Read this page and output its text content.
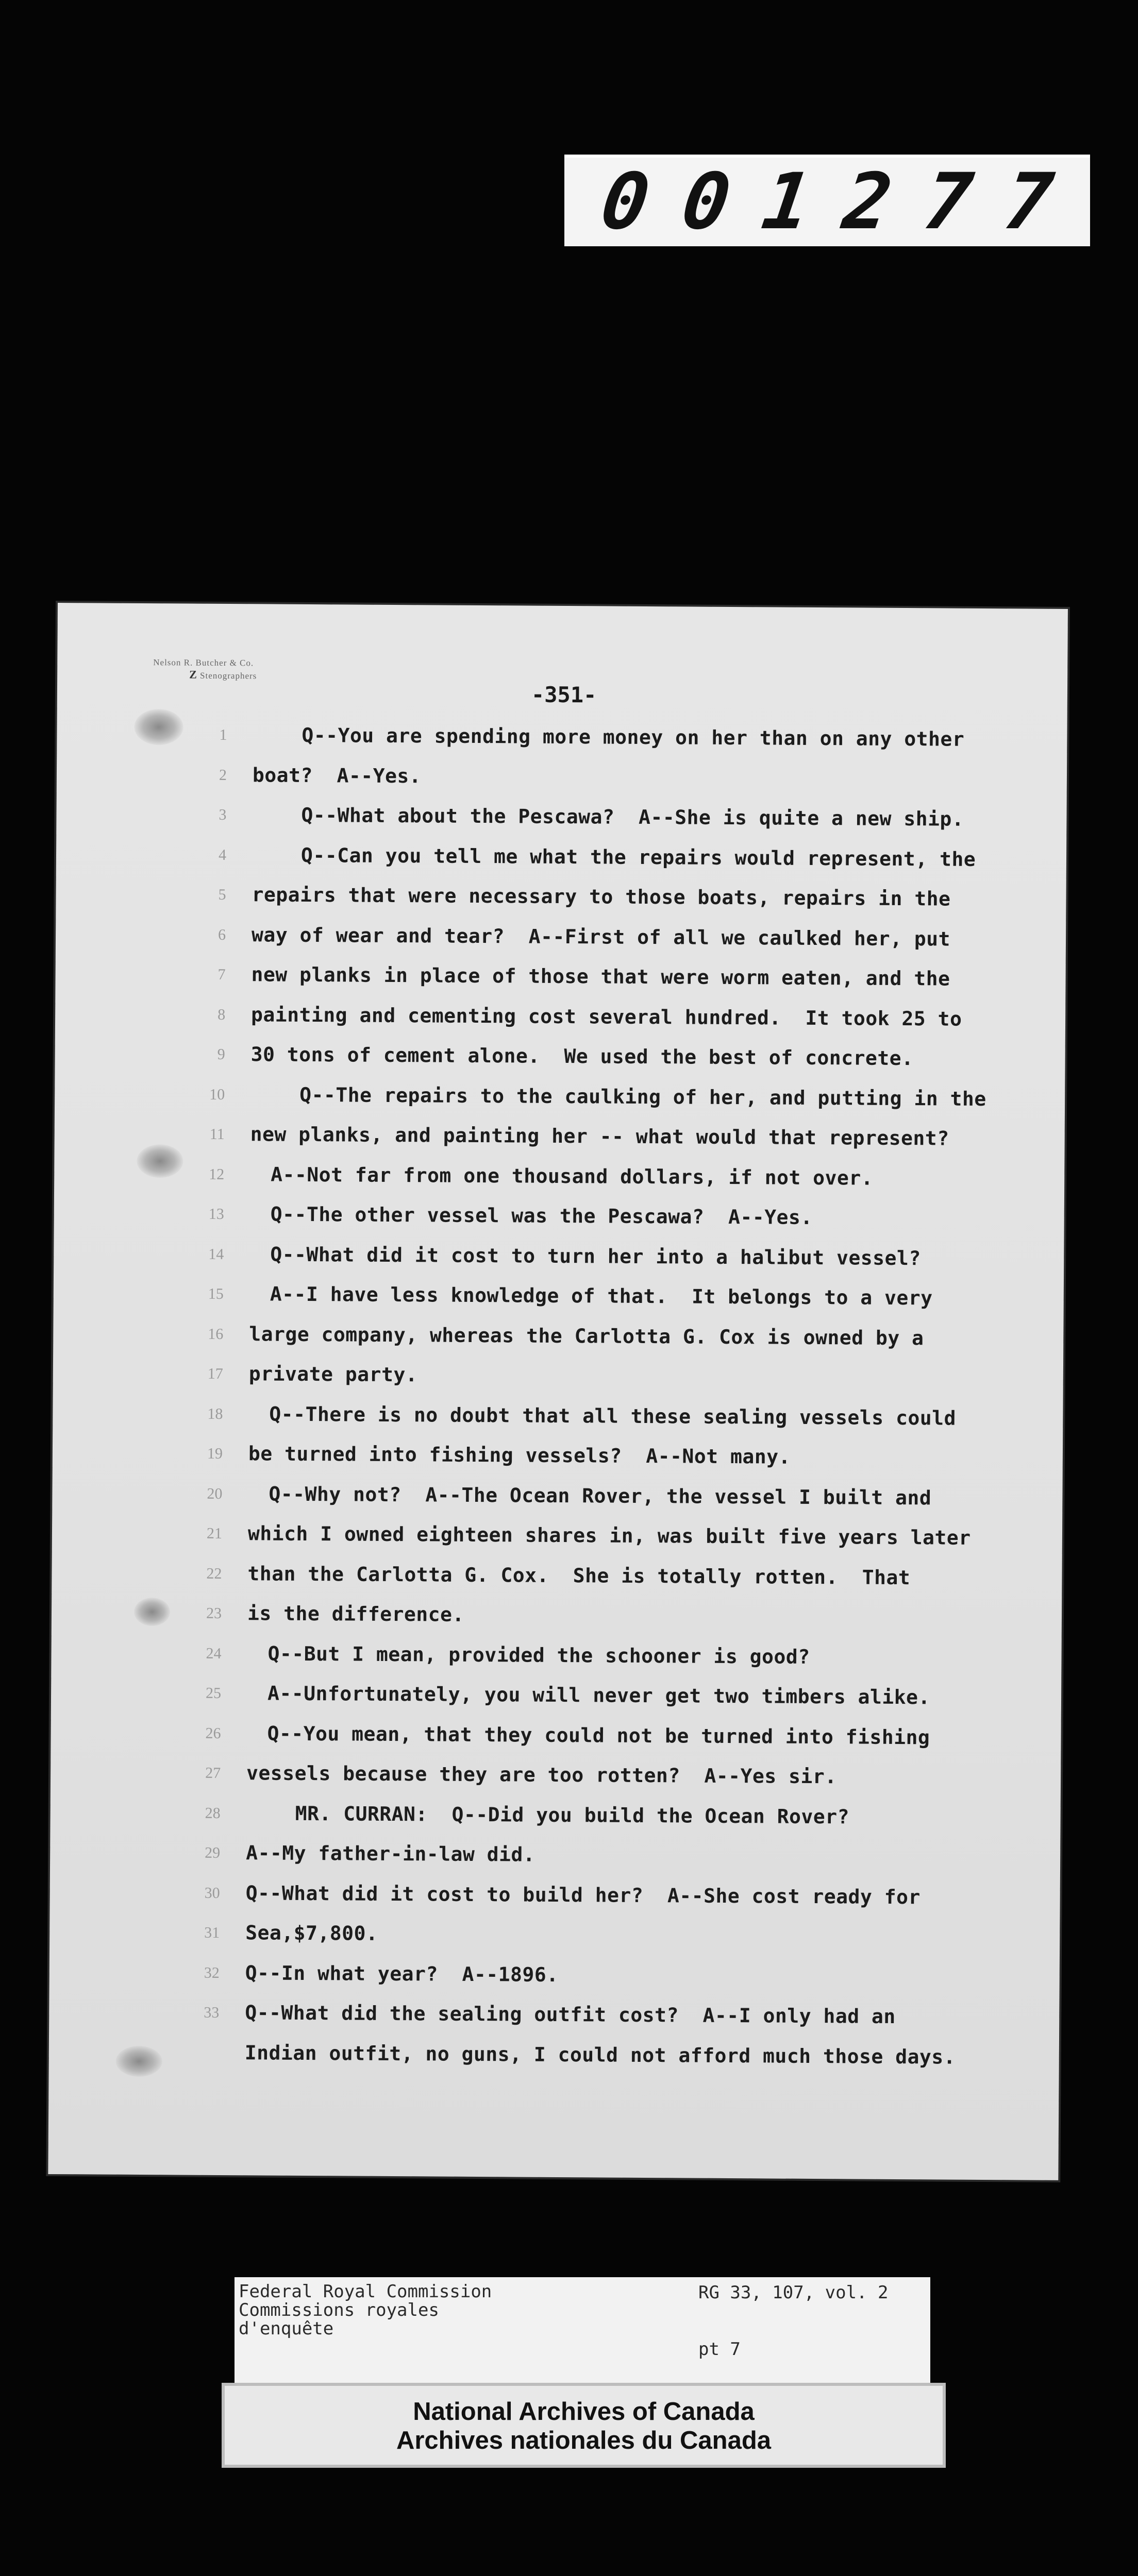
0 0 1 2 7 7
Nelson R. Butcher & Co.
Z Stenographers
-351-
1
2
3
4
5
6
7
8
9
10
11
12
13
14
15
16
17
18
19
20
21
22
23
24
25
26
27
28
29
30
31
32
33
Q--You are spending more money on her than on any other
boat?  A--Yes.
Q--What about the Pescawa?  A--She is quite a new ship.
Q--Can you tell me what the repairs would represent, the
repairs that were necessary to those boats, repairs in the
way of wear and tear?  A--First of all we caulked her, put
new planks in place of those that were worm eaten, and the
painting and cementing cost several hundred.  It took 25 to
30 tons of cement alone.  We used the best of concrete.
Q--The repairs to the caulking of her, and putting in the
new planks, and painting her -- what would that represent?
A--Not far from one thousand dollars, if not over.
Q--The other vessel was the Pescawa?  A--Yes.
Q--What did it cost to turn her into a halibut vessel?
A--I have less knowledge of that.  It belongs to a very
large company, whereas the Carlotta G. Cox is owned by a
private party.
Q--There is no doubt that all these sealing vessels could
be turned into fishing vessels?  A--Not many.
Q--Why not?  A--The Ocean Rover, the vessel I built and
which I owned eighteen shares in, was built five years later
than the Carlotta G. Cox.  She is totally rotten.  That
is the difference.
Q--But I mean, provided the schooner is good?
A--Unfortunately, you will never get two timbers alike.
Q--You mean, that they could not be turned into fishing
vessels because they are too rotten?  A--Yes sir.
MR. CURRAN:  Q--Did you build the Ocean Rover?
A--My father-in-law did.
Q--What did it cost to build her?  A--She cost ready for
Sea,$7,800.
Q--In what year?  A--1896.
Q--What did the sealing outfit cost?  A--I only had an
Indian outfit, no guns, I could not afford much those days.
Federal Royal Commission
Commissions royales
d'enquête
RG 33, 107, vol. 2
pt 7
National Archives of Canada
Archives nationales du Canada
